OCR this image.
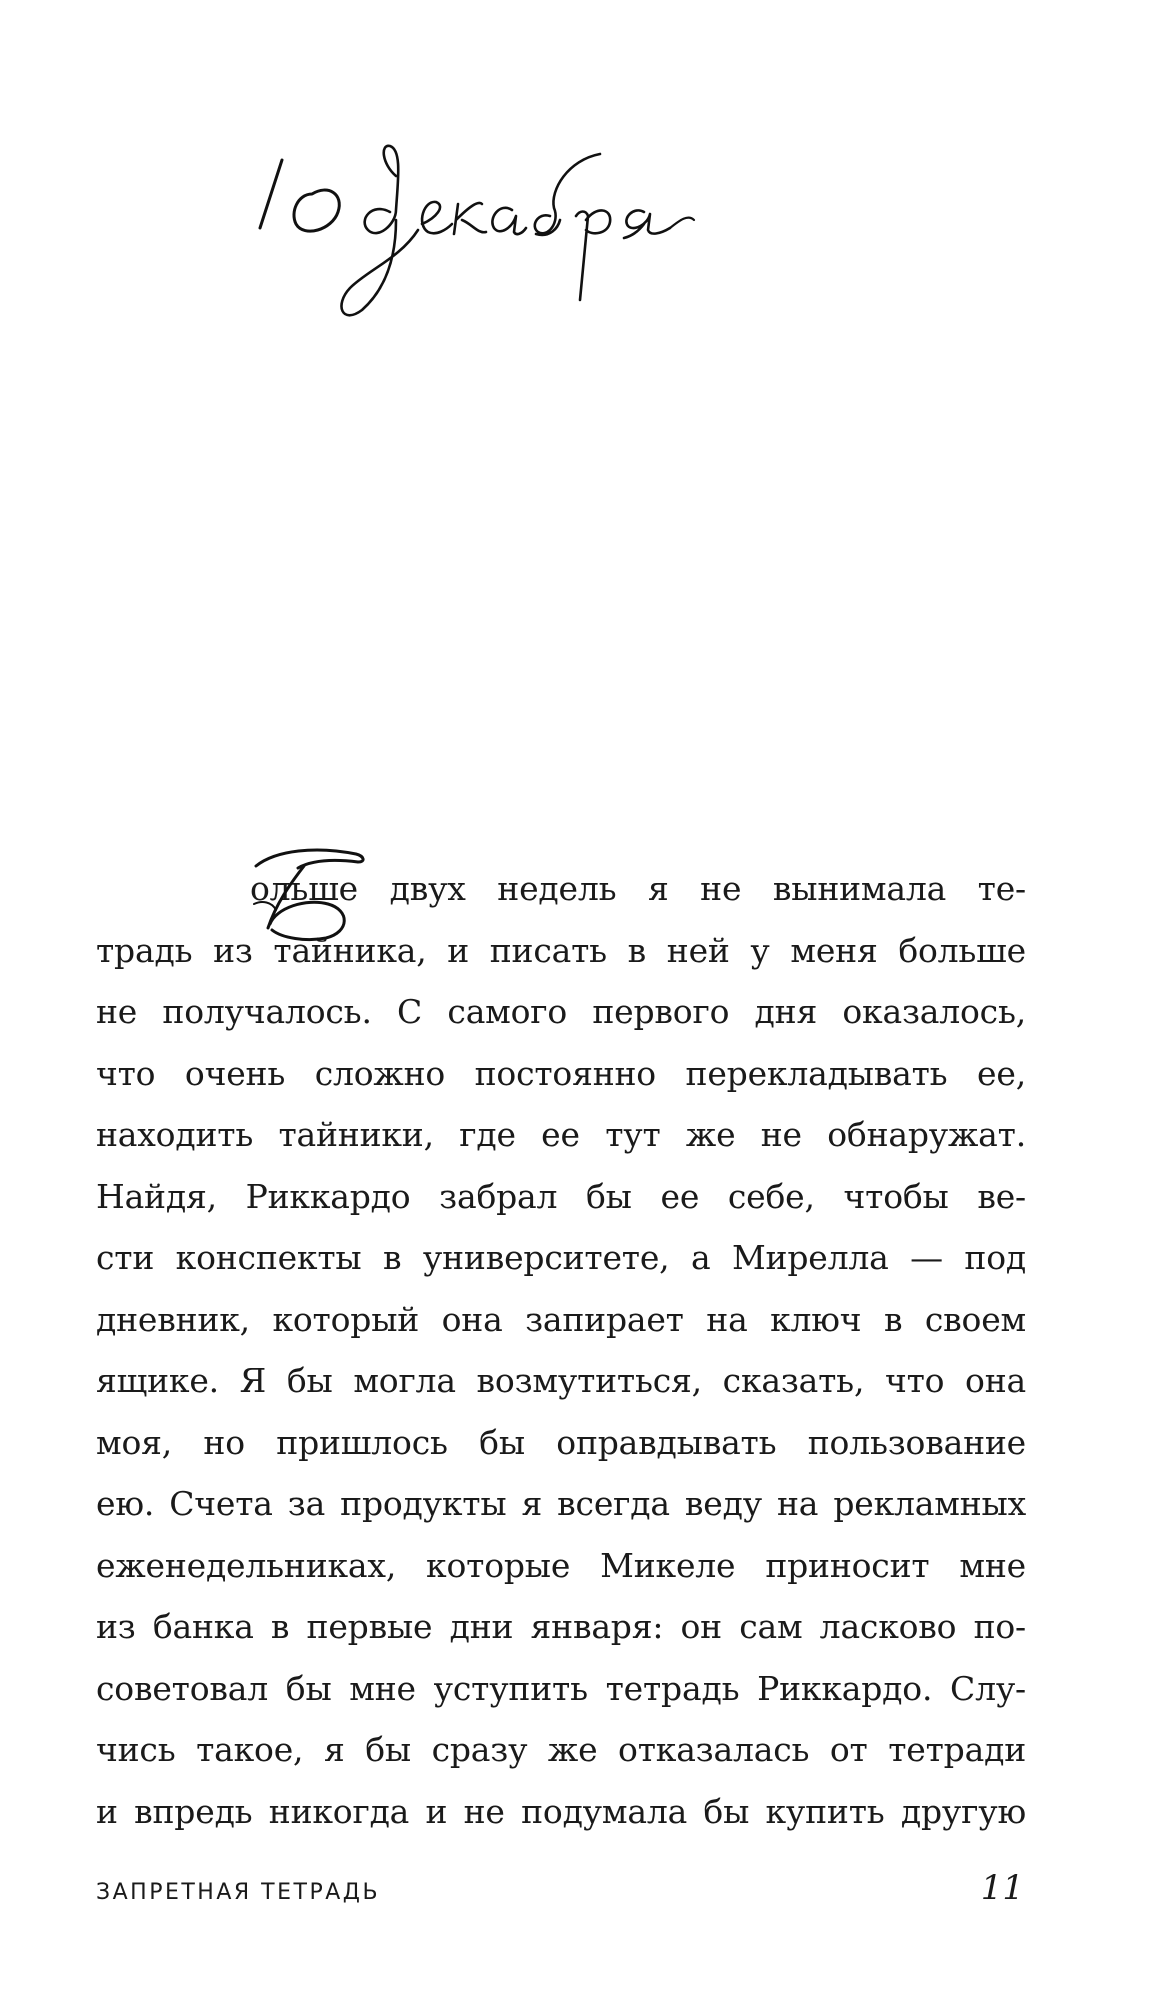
ольше двух недель я не вынимала те-
традь из тайника, и писать в ней у меня больше
не получалось. С самого первого дня оказалось,
что очень сложно постоянно перекладывать ее,
находить тайники, где ее тут же не обнаружат.
Найдя, Риккардо забрал бы ее себе, чтобы ве-
сти конспекты в университете, а Мирелла — под
дневник, который она запирает на ключ в своем
ящике. Я бы могла возмутиться, сказать, что она
моя, но пришлось бы оправдывать пользование
ею. Счета за продукты я всегда веду на рекламных
еженедельниках, которые Микеле приносит мне
из банка в первые дни января: он сам ласково по-
советовал бы мне уступить тетрадь Риккардо. Слу-
чись такое, я бы сразу же отказалась от тетради
и впредь никогда и не подумала бы купить другую
ЗАПРЕТНАЯ ТЕТРАДЬ	11
